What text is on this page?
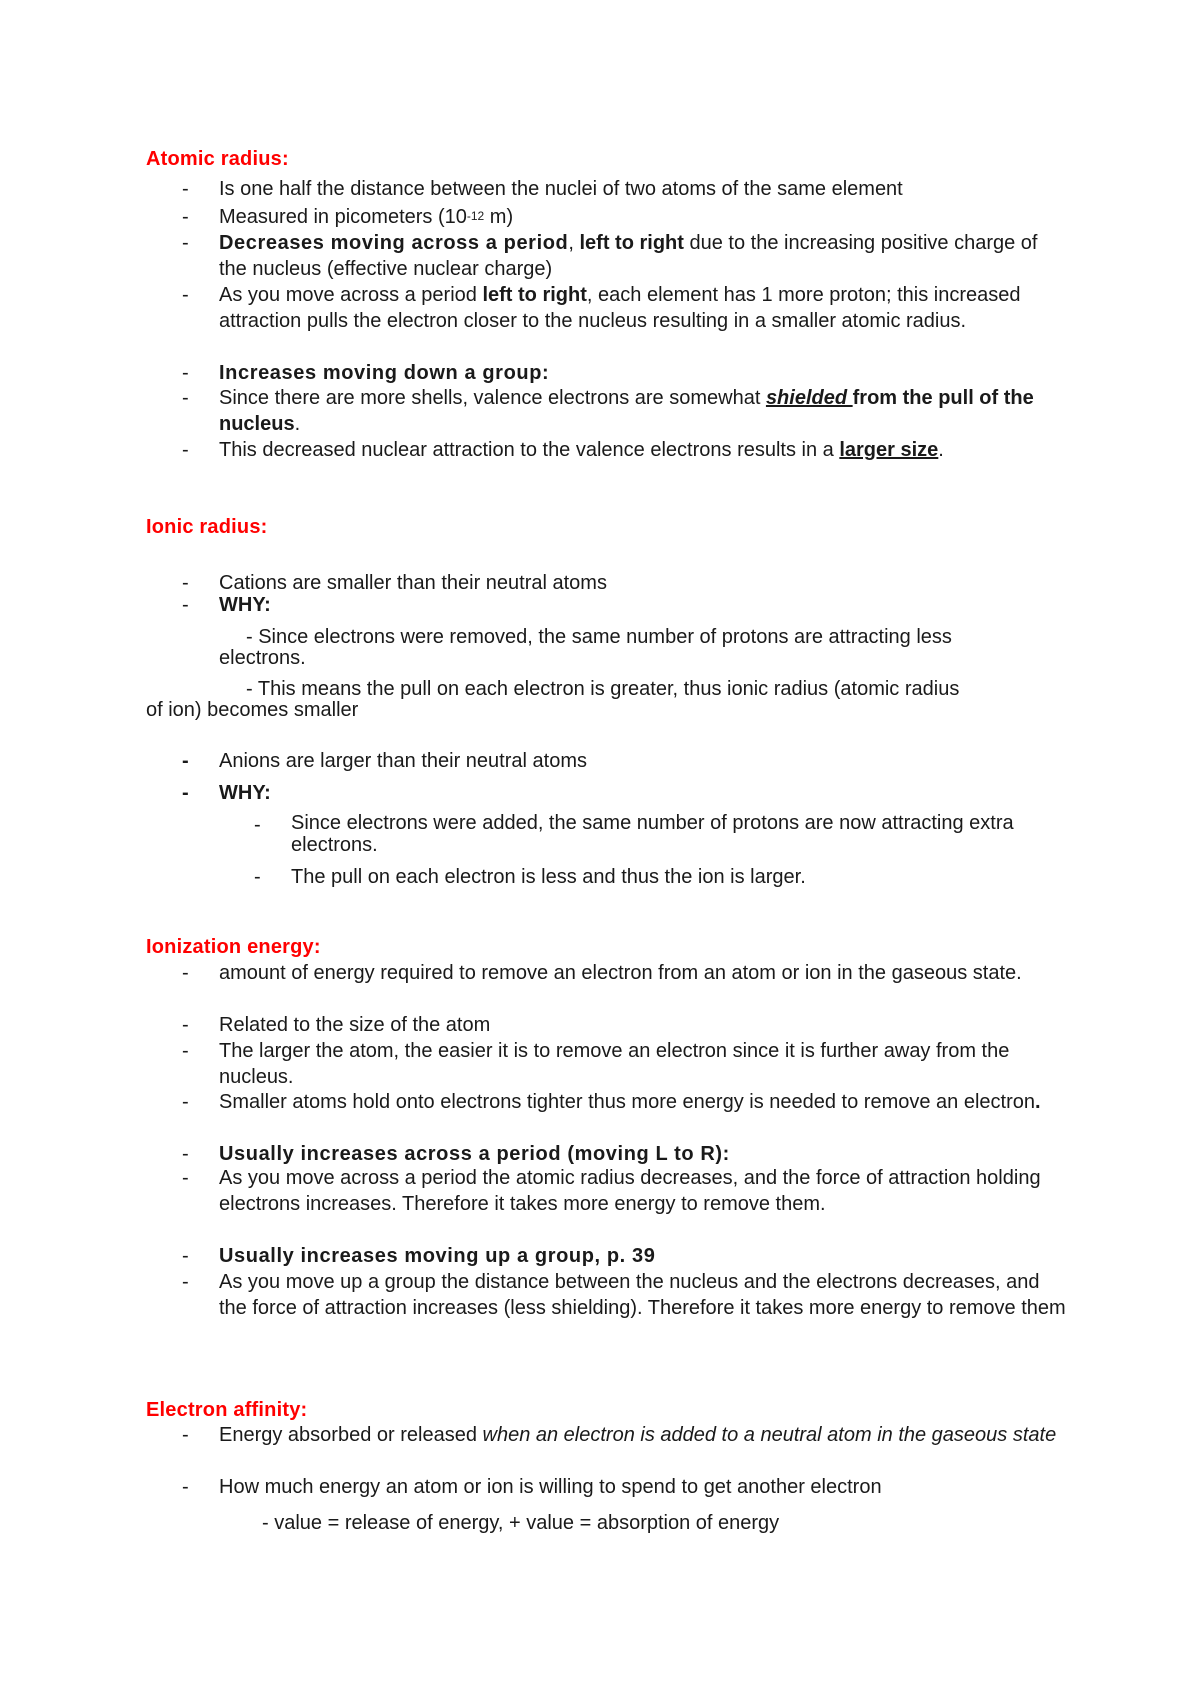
Atomic radius:
- Is one half the distance between the nuclei of two atoms of the same element
- Measured in picometers ($10^{-12}$ m)
- Decreases moving across a period, left to right due to the increasing positive charge of the nucleus (effective nuclear charge)
- As you move across a period left to right, each element has 1 more proton; this increased attraction pulls the electron closer to the nucleus resulting in a smaller atomic radius.
- Increases moving down a group:
- Since there are more shells, valence electrons are somewhat shielded from the pull of the nucleus.
- This decreased nuclear attraction to the valence electrons results in a larger size.
Ionic radius:
- Cations are smaller than their neutral atoms
- WHY:
- Since electrons were removed, the same number of protons are attracting less
electrons.
- This means the pull on each electron is greater, thus ionic radius (atomic radius
of ion) becomes smaller
- Anions are larger than their neutral atoms
- WHY:
- Since electrons were added, the same number of protons are now attracting extra electrons.
- The pull on each electron is less and thus the ion is larger.
Ionization energy:
- amount of energy required to remove an electron from an atom or ion in the gaseous state.
- Related to the size of the atom
- The larger the atom, the easier it is to remove an electron since it is further away from the nucleus.
- Smaller atoms hold onto electrons tighter thus more energy is needed to remove an electron.
- Usually increases across a period (moving L to R):
- As you move across a period the atomic radius decreases, and the force of attraction holding electrons increases. Therefore it takes more energy to remove them.
- Usually increases moving up a group, p. 39
- As you move up a group the distance between the nucleus and the electrons decreases, and the force of attraction increases (less shielding). Therefore it takes more energy to remove them
Electron affinity:
- Energy absorbed or released when an electron is added to a neutral atom in the gaseous state
- How much energy an atom or ion is willing to spend to get another electron
- value = release of energy, + value = absorption of energy
